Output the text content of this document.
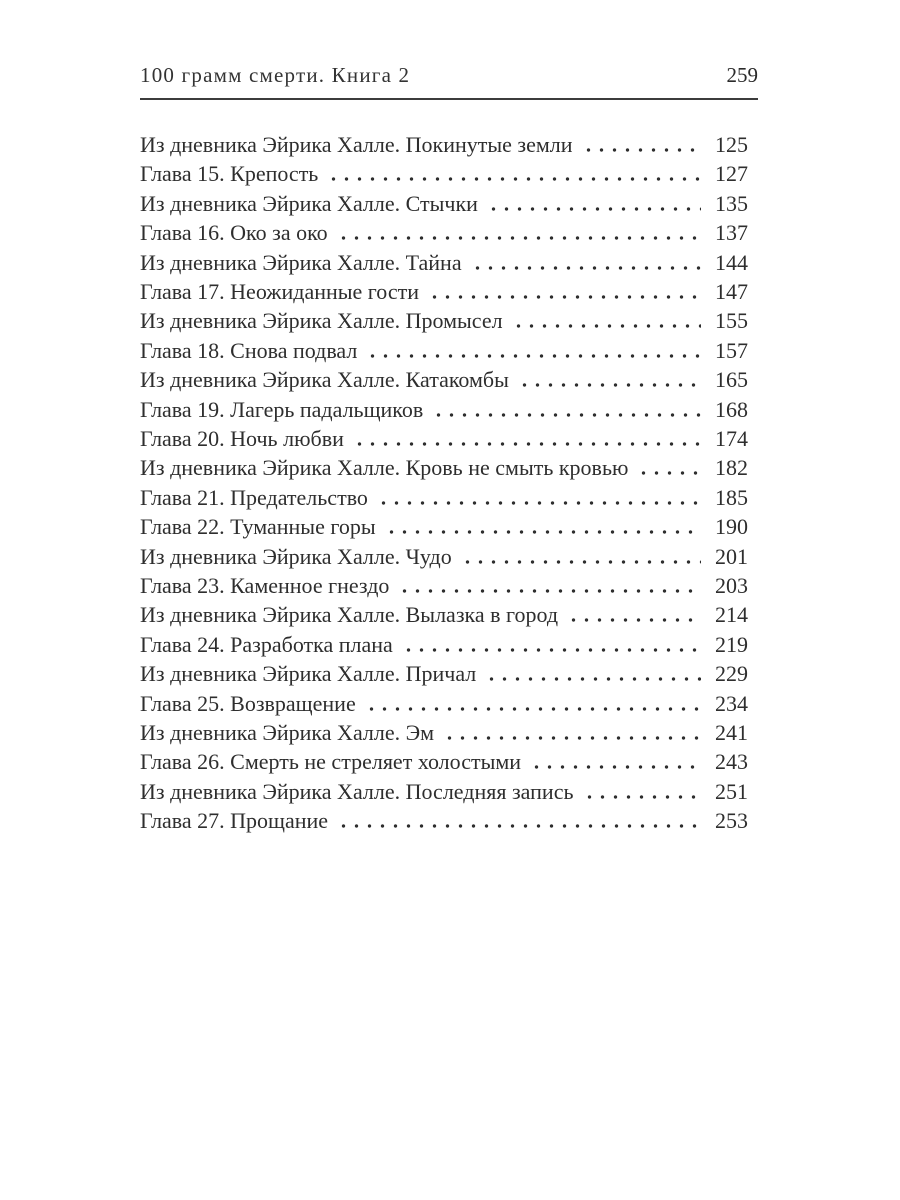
100 грамм смерти. Книга 2	259
Из дневника Эйрика Халле. Покинутые земли	125
Глава 15. Крепость	127
Из дневника Эйрика Халле. Стычки	135
Глава 16. Око за око	137
Из дневника Эйрика Халле. Тайна	144
Глава 17. Неожиданные гости	147
Из дневника Эйрика Халле. Промысел	155
Глава 18. Снова подвал	157
Из дневника Эйрика Халле. Катакомбы	165
Глава 19. Лагерь падальщиков	168
Глава 20. Ночь любви	174
Из дневника Эйрика Халле. Кровь не смыть кровью	182
Глава 21. Предательство	185
Глава 22. Туманные горы	190
Из дневника Эйрика Халле. Чудо	201
Глава 23. Каменное гнездо	203
Из дневника Эйрика Халле. Вылазка в город	214
Глава 24. Разработка плана	219
Из дневника Эйрика Халле. Причал	229
Глава 25. Возвращение	234
Из дневника Эйрика Халле. Эм	241
Глава 26. Смерть не стреляет холостыми	243
Из дневника Эйрика Халле. Последняя запись	251
Глава 27. Прощание	253
